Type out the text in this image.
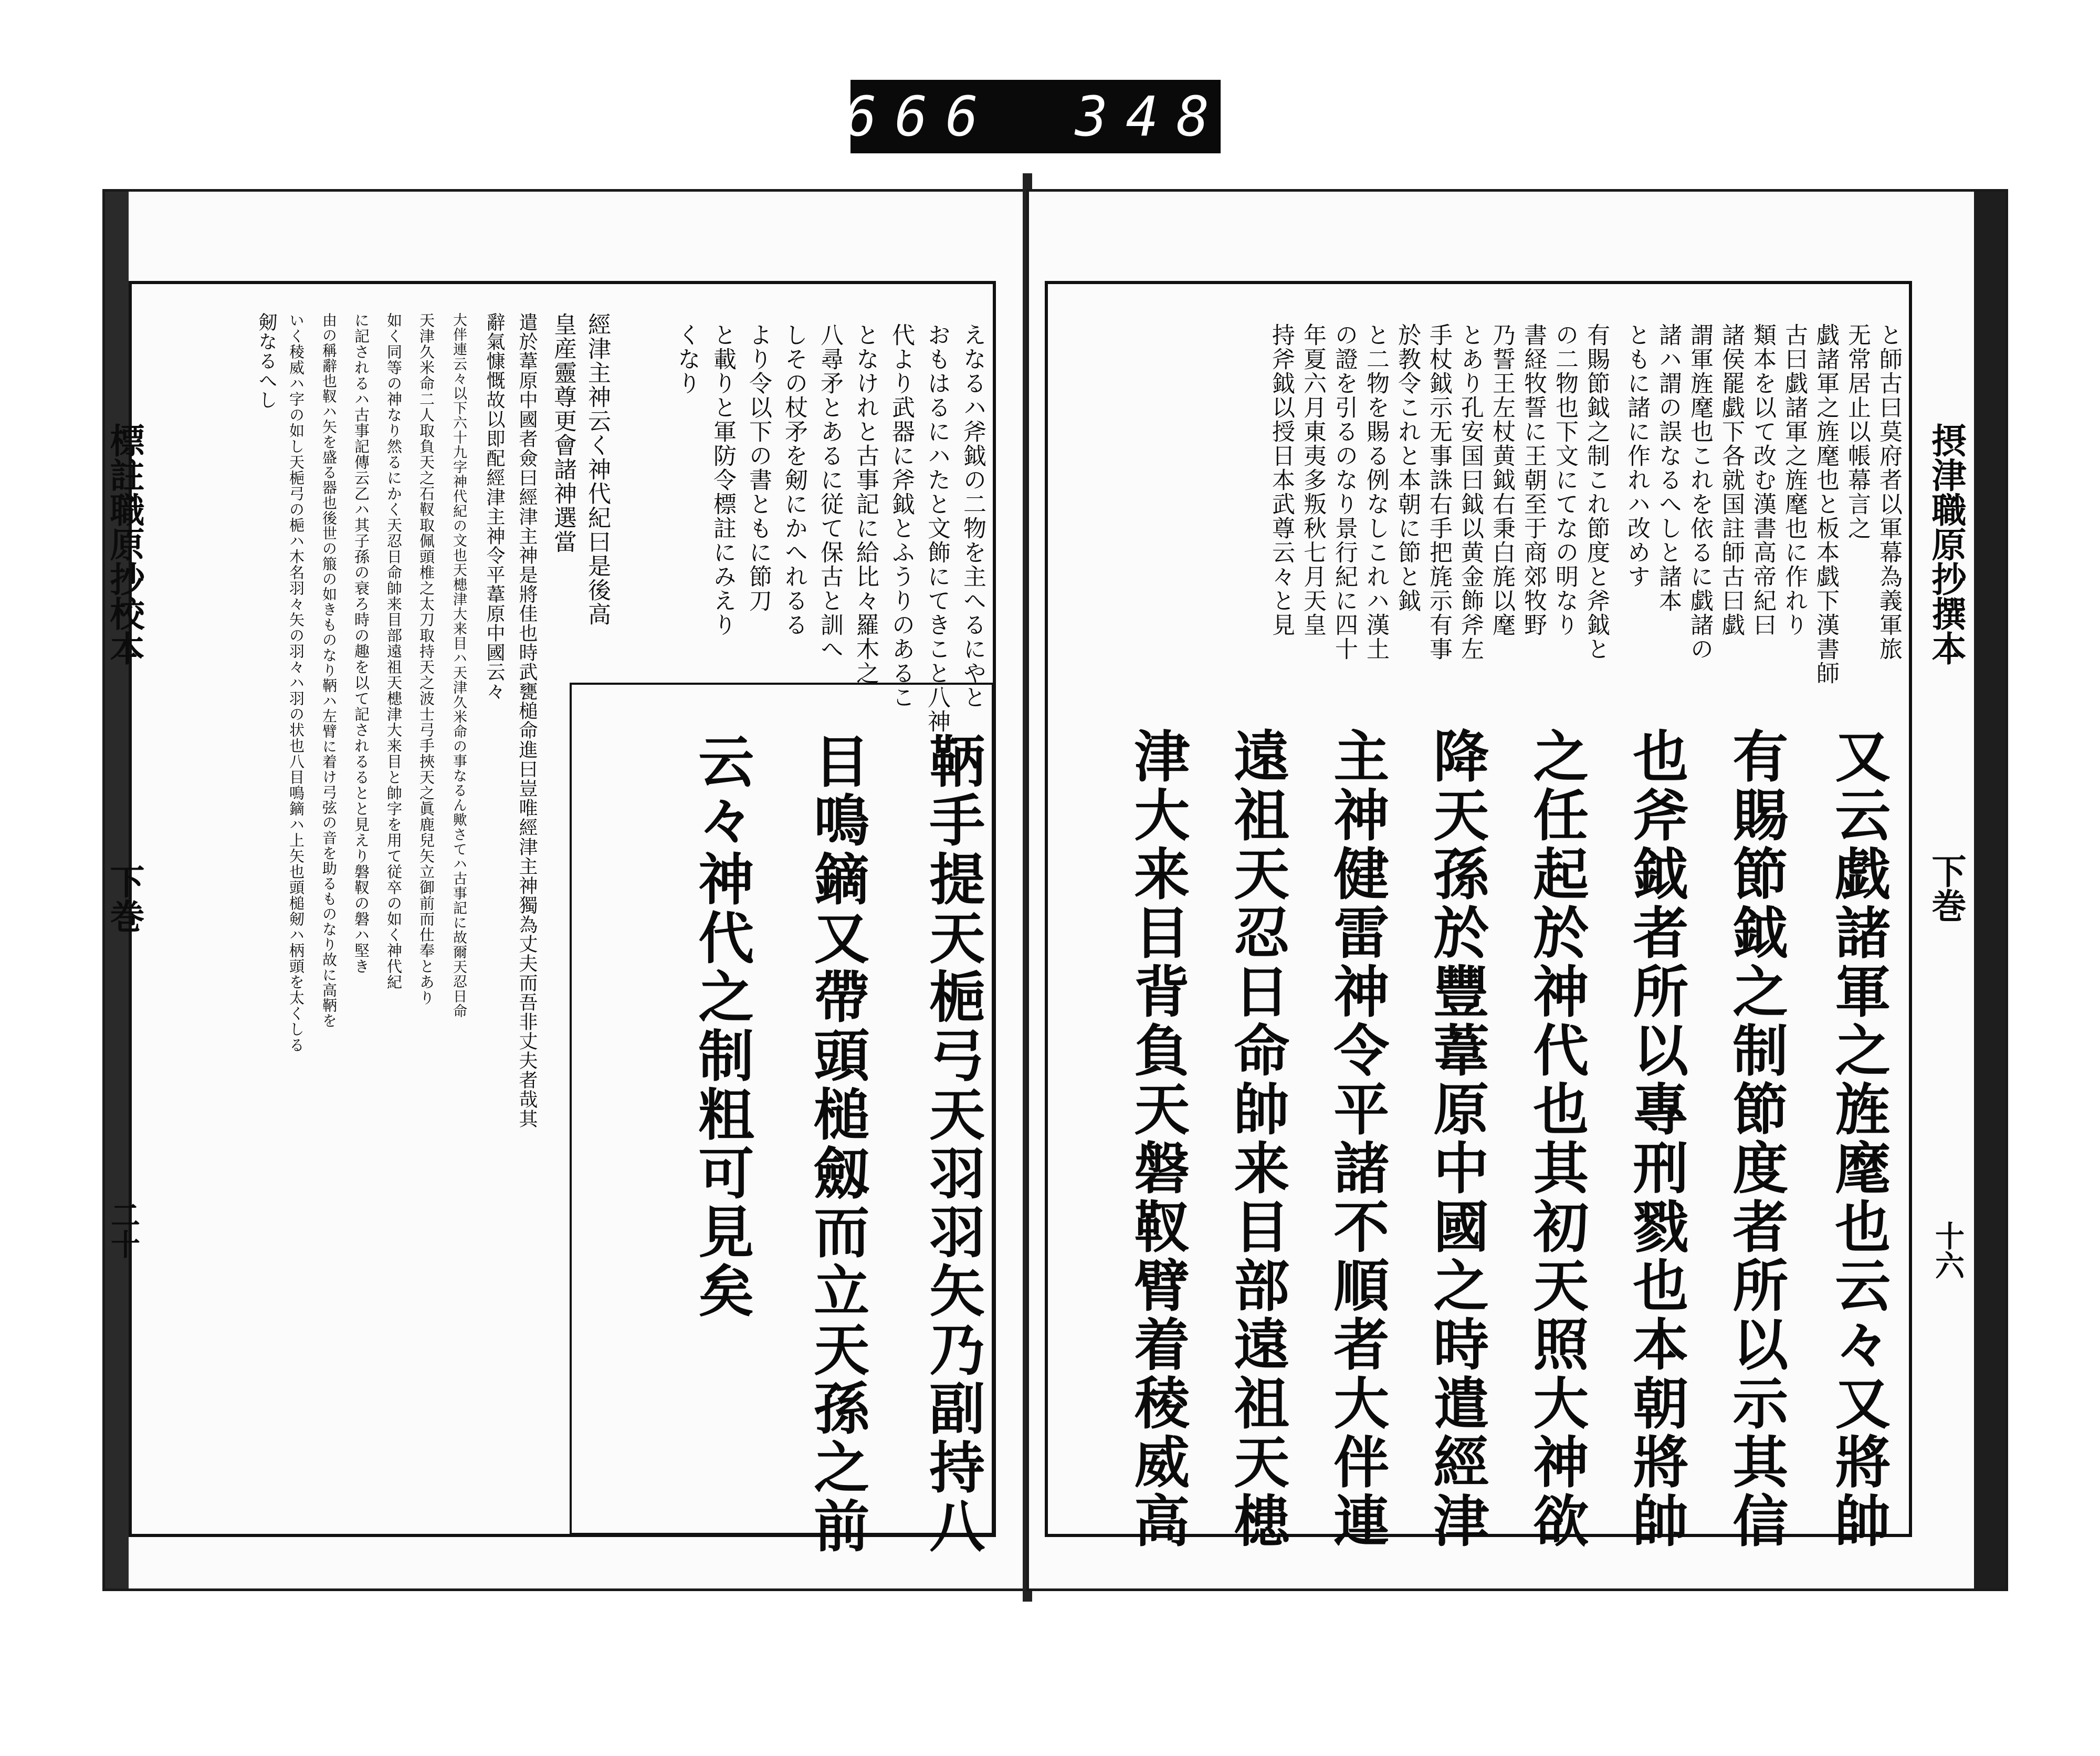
666 348
標註職原抄校本
下巻
二十
えなるハ斧鉞の二物を主へるにやと
おもはるにハたと文飾にてきこと八神
代より武器に斧鉞とふうりのあるこ
となけれと古事記に給比々羅木之
八尋矛とあるに従て保古と訓へ
しその杖矛を剱にかへれるる
より令以下の書ともに節刀
と載りと軍防令標註にみえり
くなり
鞆手提天梔弓天羽羽矢乃副持八
目鳴鏑又帶頭槌劔而立天孫之前
云々神代之制粗可見矣
經津主神云く神代紀曰是後高
皇産靈尊更會諸神選當
遣於葦原中國者僉曰經津主神是將佳也時武甕槌命進曰豈唯經津主神獨為丈夫而吾非丈夫者哉其
辭氣慷慨故以即配經津主神令平葦原中國云々
大伴連云々以下六十九字神代紀の文也天槵津大来目ハ天津久米命の事なるん歟さてハ古事記に故爾天忍日命
天津久米命二人取負天之石靫取佩頭椎之太刀取持天之波士弓手挾天之眞鹿兒矢立御前而仕奉とあり
如く同等の神なり然るにかく天忍日命帥来目部遠祖天槵津大来目と帥字を用て従卒の如く神代紀
に記されるハ古事記傳云乙ハ其子孫の衰ろ時の趣を以て記されるるとと見えり磐靫の磐ハ堅き
由の稱辭也靫ハ矢を盛る器也後世の箙の如きものなり鞆ハ左臂に着け弓弦の音を助るものなり故に高鞆を
いく稜威ハ字の如し天梔弓の梔ハ木名羽々矢の羽々ハ羽の状也八目鳴鏑ハ上矢也頭槌剱ハ柄頭を太くしる
剱なるへし
摂津職原抄撰本
下巻
十六
と師古曰莫府者以軍幕為義軍旅
无常居止以帳幕言之
戯諸軍之旌麾也と板本戯下漢書師
古曰戯諸軍之旌麾也に作れり
類本を以て改む漢書高帝紀曰
諸侯罷戯下各就国註師古曰戯
謂軍旌麾也これを依るに戯諸の
諸ハ謂の誤なるへしと諸本
ともに諸に作れハ改めす
有賜節鉞之制これ節度と斧鉞と
の二物也下文にてなの明なり
書経牧誓に王朝至于商郊牧野
乃誓王左杖黄鉞右秉白旄以麾
とあり孔安国曰鉞以黄金飾斧左
手杖鉞示无事誅右手把旄示有事
於教令これと本朝に節と鉞
と二物を賜る例なしこれハ漢土
の證を引るのなり景行紀に四十
年夏六月東夷多叛秋七月天皇
持斧鉞以授日本武尊云々と見
又云戯諸軍之旌麾也云々又將帥
有賜節鉞之制節度者所以示其信
也斧鉞者所以專刑戮也本朝將帥
之任起於神代也其初天照大神欲
降天孫於豐葦原中國之時遣經津
主神健雷神令平諸不順者大伴連
遠祖天忍日命帥来目部遠祖天槵
津大来目背負天磐靫臂着稜威高
